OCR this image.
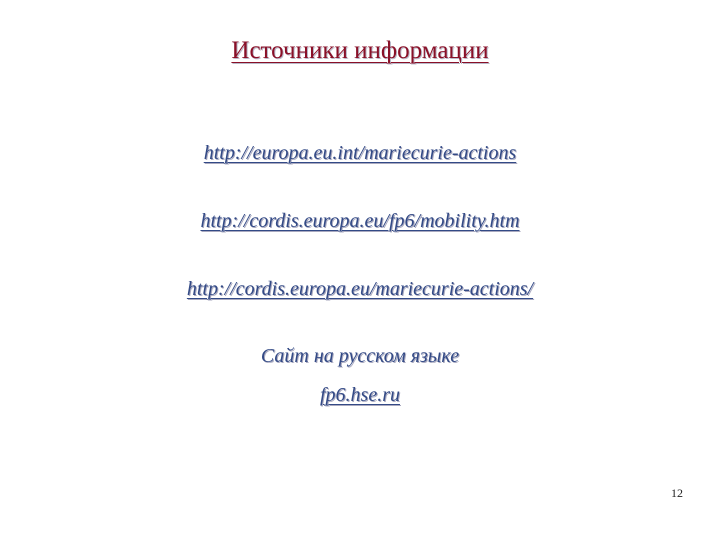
Источники информации
http://europa.eu.int/mariecurie-actions
http://cordis.europa.eu/fp6/mobility.htm
http://cordis.europa.eu/mariecurie-actions/
Сайт на русском языке
fp6.hse.ru
12
